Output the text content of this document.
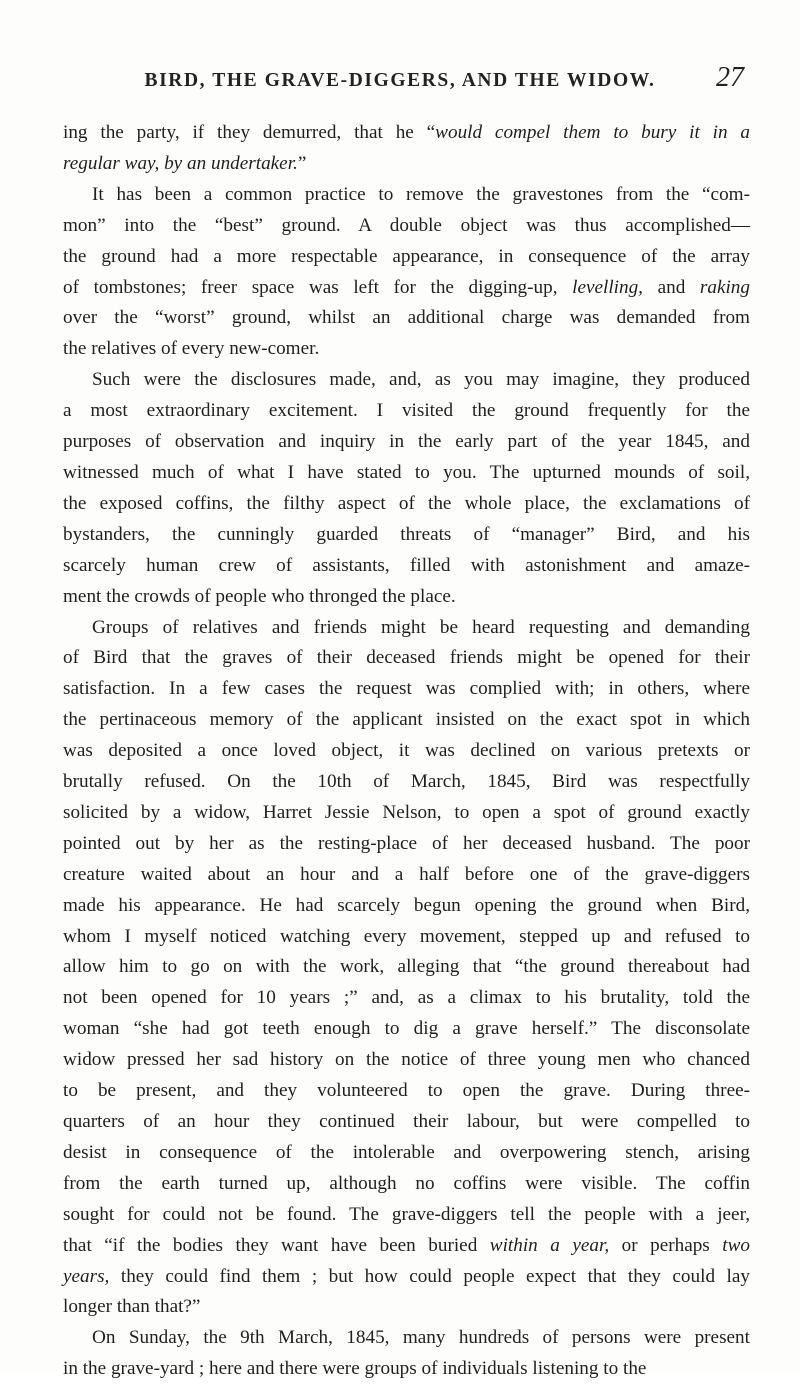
BIRD, THE GRAVE-DIGGERS, AND THE WIDOW.	27
ing the party, if they demurred, that he “would compel them to bury it in a
regular way, by an undertaker.”
It has been a common practice to remove the gravestones from the “com-
mon” into the “best” ground. A double object was thus accomplished—
the ground had a more respectable appearance, in consequence of the array
of tombstones; freer space was left for the digging-up, levelling, and raking
over the “worst” ground, whilst an additional charge was demanded from
the relatives of every new-comer.
Such were the disclosures made, and, as you may imagine, they produced
a most extraordinary excitement. I visited the ground frequently for the
purposes of observation and inquiry in the early part of the year 1845, and
witnessed much of what I have stated to you. The upturned mounds of soil,
the exposed coffins, the filthy aspect of the whole place, the exclamations of
bystanders, the cunningly guarded threats of “manager” Bird, and his
scarcely human crew of assistants, filled with astonishment and amaze-
ment the crowds of people who thronged the place.
Groups of relatives and friends might be heard requesting and demanding
of Bird that the graves of their deceased friends might be opened for their
satisfaction. In a few cases the request was complied with; in others, where
the pertinaceous memory of the applicant insisted on the exact spot in which
was deposited a once loved object, it was declined on various pretexts or
brutally refused. On the 10th of March, 1845, Bird was respectfully
solicited by a widow, Harret Jessie Nelson, to open a spot of ground exactly
pointed out by her as the resting-place of her deceased husband. The poor
creature waited about an hour and a half before one of the grave-diggers
made his appearance. He had scarcely begun opening the ground when Bird,
whom I myself noticed watching every movement, stepped up and refused to
allow him to go on with the work, alleging that “the ground thereabout had
not been opened for 10 years ;” and, as a climax to his brutality, told the
woman “she had got teeth enough to dig a grave herself.” The disconsolate
widow pressed her sad history on the notice of three young men who chanced
to be present, and they volunteered to open the grave. During three-
quarters of an hour they continued their labour, but were compelled to
desist in consequence of the intolerable and overpowering stench, arising
from the earth turned up, although no coffins were visible. The coffin
sought for could not be found. The grave-diggers tell the people with a jeer,
that “if the bodies they want have been buried within a year, or perhaps two
years, they could find them ; but how could people expect that they could lay
longer than that?”
On Sunday, the 9th March, 1845, many hundreds of persons were present
in the grave-yard ; here and there were groups of individuals listening to the
